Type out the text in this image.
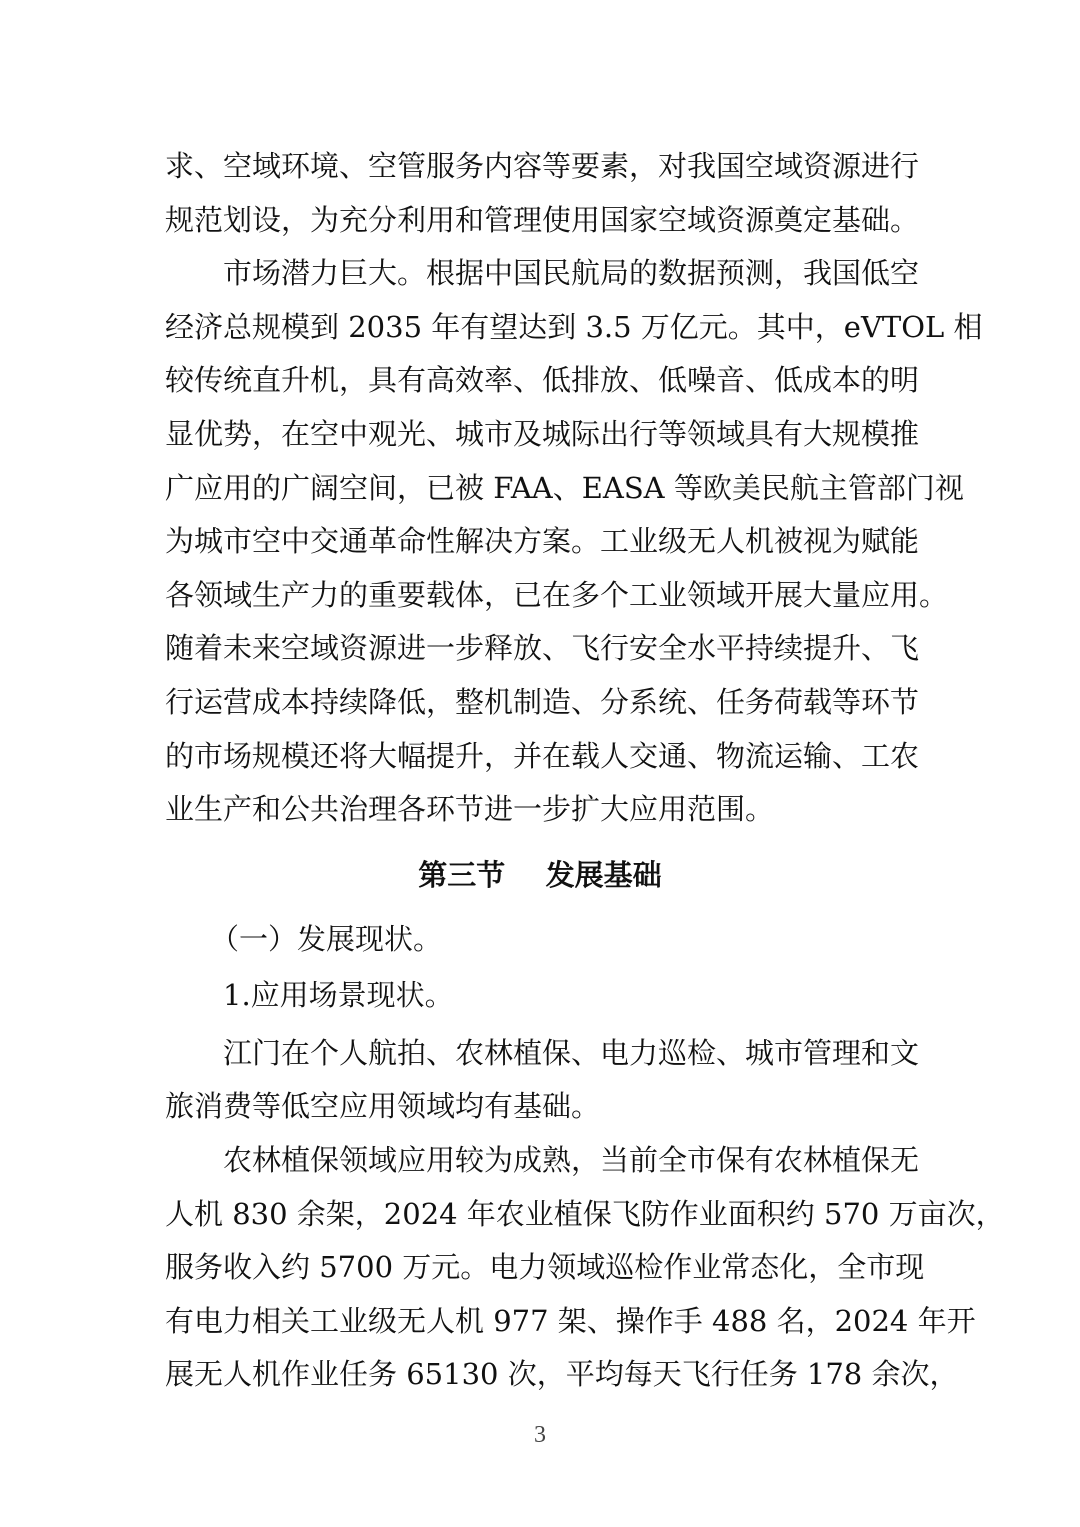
求、空域环境、空管服务内容等要素，对我国空域资源进行
规范划设，为充分利用和管理使用国家空域资源奠定基础。
市场潜力巨大。根据中国民航局的数据预测，我国低空
经济总规模到 2035 年有望达到 3.5 万亿元。其中，eVTOL 相
较传统直升机，具有高效率、低排放、低噪音、低成本的明
显优势，在空中观光、城市及城际出行等领域具有大规模推
广应用的广阔空间，已被 FAA、EASA 等欧美民航主管部门视
为城市空中交通革命性解决方案。工业级无人机被视为赋能
各领域生产力的重要载体，已在多个工业领域开展大量应用。
随着未来空域资源进一步释放、飞行安全水平持续提升、飞
行运营成本持续降低，整机制造、分系统、任务荷载等环节
的市场规模还将大幅提升，并在载人交通、物流运输、工农
业生产和公共治理各环节进一步扩大应用范围。
第三节    发展基础
（一）发展现状。
1.应用场景现状。
江门在个人航拍、农林植保、电力巡检、城市管理和文
旅消费等低空应用领域均有基础。
农林植保领域应用较为成熟，当前全市保有农林植保无
人机 830 余架，2024 年农业植保飞防作业面积约 570 万亩次，
服务收入约 5700 万元。电力领域巡检作业常态化，全市现
有电力相关工业级无人机 977 架、操作手 488 名，2024 年开
展无人机作业任务 65130 次，平均每天飞行任务 178 余次，
3
